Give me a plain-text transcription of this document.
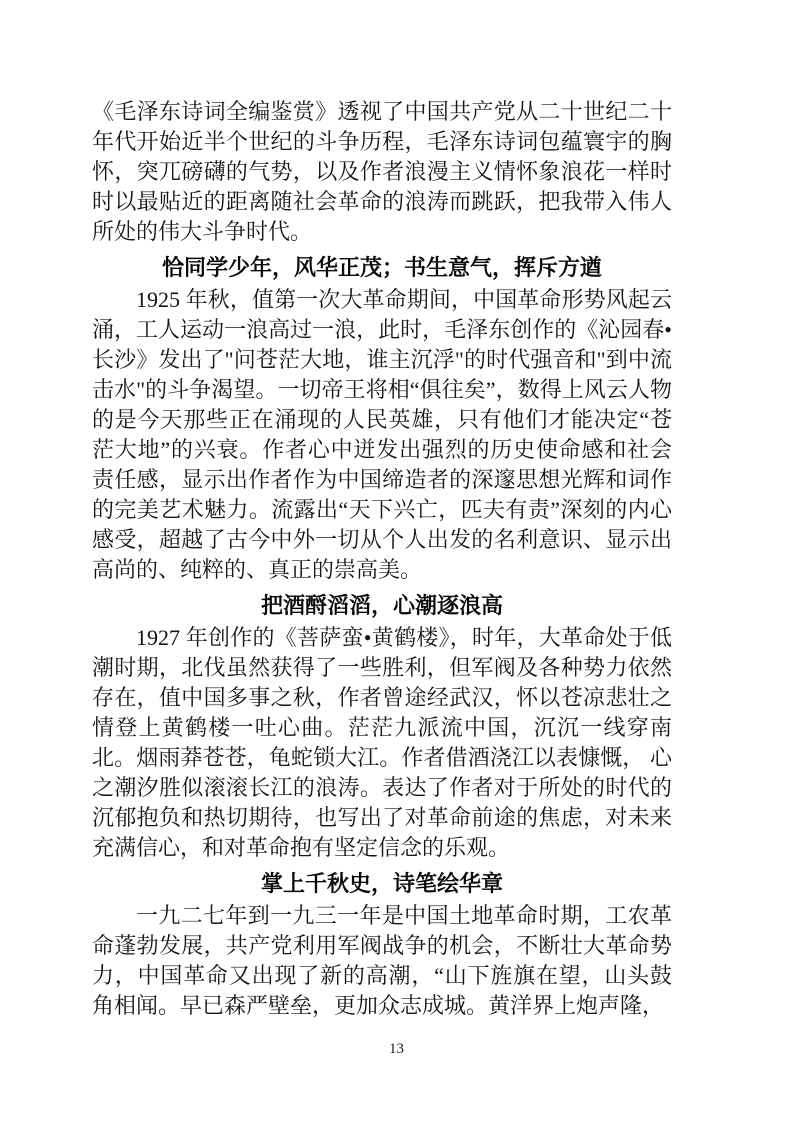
《毛泽东诗词全编鉴赏》透视了中国共产党从二十世纪二十年代开始近半个世纪的斗争历程，毛泽东诗词包蕴寰宇的胸怀，突兀磅礴的气势，以及作者浪漫主义情怀象浪花一样时时以最贴近的距离随社会革命的浪涛而跳跃，把我带入伟人所处的伟大斗争时代。

恰同学少年，风华正茂；书生意气，挥斥方遒

1925 年秋，值第一次大革命期间，中国革命形势风起云涌，工人运动一浪高过一浪，此时，毛泽东创作的《沁园春•长沙》发出了"问苍茫大地，谁主沉浮"的时代强音和"到中流击水"的斗争渴望。一切帝王将相“俱往矣”，数得上风云人物的是今天那些正在涌现的人民英雄，只有他们才能决定“苍茫大地”的兴衰。作者心中迸发出强烈的历史使命感和社会责任感，显示出作者作为中国缔造者的深邃思想光辉和词作的完美艺术魅力。流露出“天下兴亡，匹夫有责”深刻的内心感受，超越了古今中外一切从个人出发的名利意识、显示出高尚的、纯粹的、真正的崇高美。

把酒酹滔滔，心潮逐浪高

1927 年创作的《菩萨蛮•黄鹤楼》，时年，大革命处于低潮时期，北伐虽然获得了一些胜利，但军阀及各种势力依然存在，值中国多事之秋，作者曾途经武汉，怀以苍凉悲壮之情登上黄鹤楼一吐心曲。茫茫九派流中国，沉沉一线穿南北。烟雨莽苍苍，龟蛇锁大江。作者借酒浇江以表慷慨， 心之潮汐胜似滚滚长江的浪涛。表达了作者对于所处的时代的沉郁抱负和热切期待，也写出了对革命前途的焦虑，对未来充满信心，和对革命抱有坚定信念的乐观。

掌上千秋史，诗笔绘华章

一九二七年到一九三一年是中国土地革命时期，工农革命蓬勃发展，共产党利用军阀战争的机会，不断壮大革命势力，中国革命又出现了新的高潮，“山下旌旗在望，山头鼓角相闻。早已森严壁垒，更加众志成城。黄洋界上炮声隆，

13
